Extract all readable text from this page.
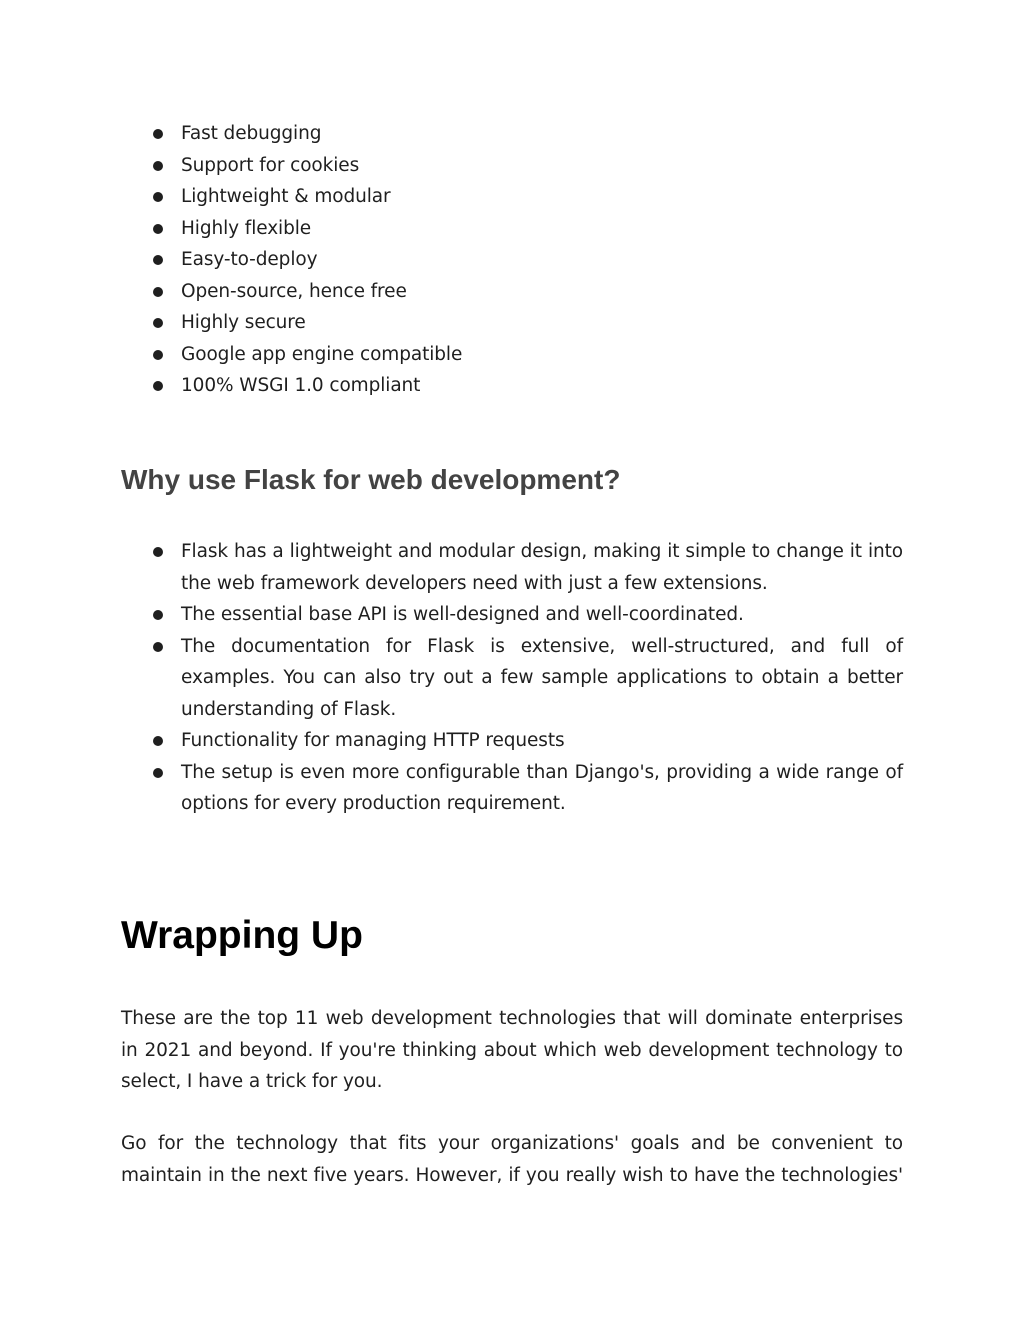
Fast debugging
Support for cookies
Lightweight & modular
Highly flexible
Easy-to-deploy
Open-source, hence free
Highly secure
Google app engine compatible
100% WSGI 1.0 compliant
Why use Flask for web development?
Flask has a lightweight and modular design, making it simple to change it into the web framework developers need with just a few extensions.
The essential base API is well-designed and well-coordinated.
The documentation for Flask is extensive, well-structured, and full of examples. You can also try out a few sample applications to obtain a better understanding of Flask.
Functionality for managing HTTP requests
The setup is even more configurable than Django's, providing a wide range of options for every production requirement.
Wrapping Up

These are the top 11 web development technologies that will dominate enterprises in 2021 and beyond. If you're thinking about which web development technology to select, I have a trick for you.

Go for the technology that fits your organizations' goals and be convenient to maintain in the next five years. However, if you really wish to have the technologies'
